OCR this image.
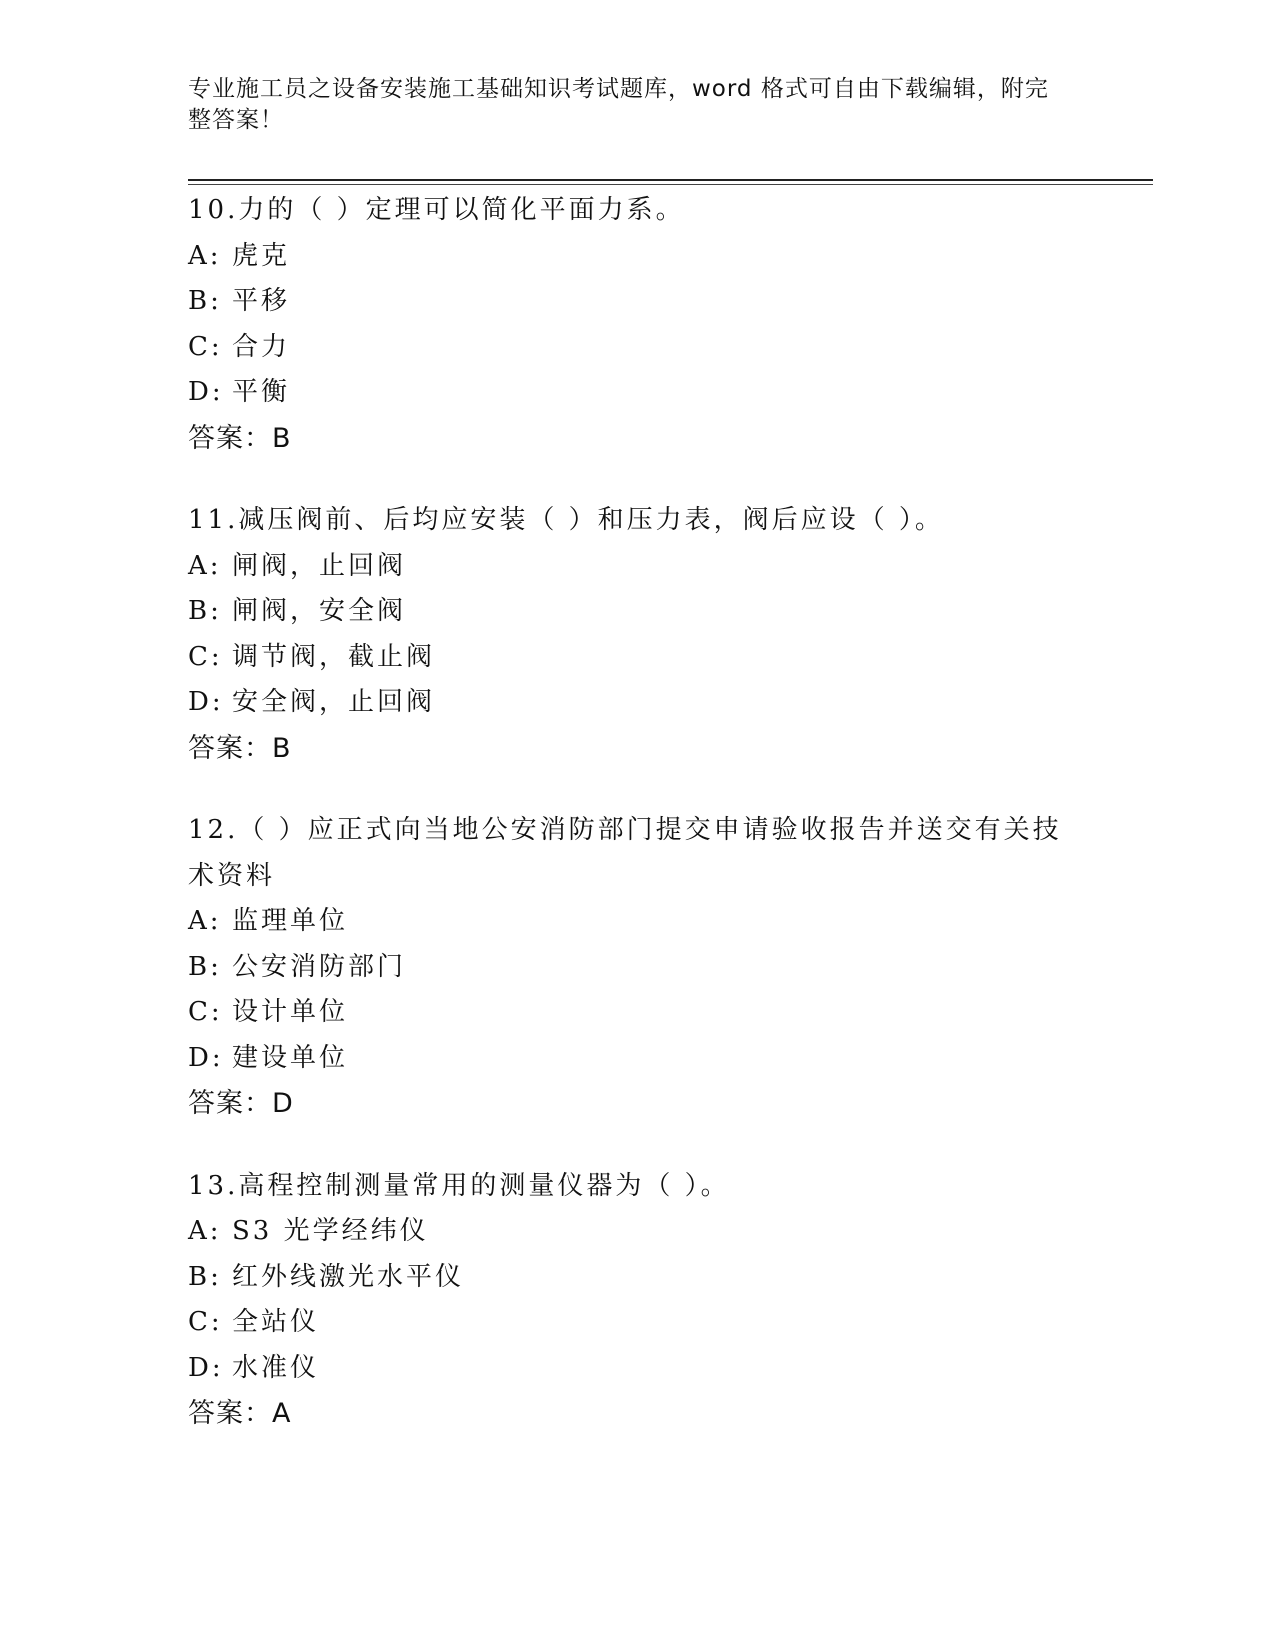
专业施工员之设备安装施工基础知识考试题库，word 格式可自由下载编辑，附完
整答案！

10.力的（ ）定理可以简化平面力系。

A: 虎克

B: 平移

C: 合力

D: 平衡

答案：B

11.减压阀前、后均应安装（ ）和压力表，阀后应设（ ）。

A: 闸阀，止回阀

B: 闸阀，安全阀

C: 调节阀，截止阀

D: 安全阀，止回阀

答案：B

12.（ ）应正式向当地公安消防部门提交申请验收报告并送交有关技术资料

A: 监理单位

B: 公安消防部门

C: 设计单位

D: 建设单位

答案：D

13.高程控制测量常用的测量仪器为（ ）。

A: S3 光学经纬仪

B: 红外线激光水平仪

C: 全站仪

D: 水准仪

答案：A
